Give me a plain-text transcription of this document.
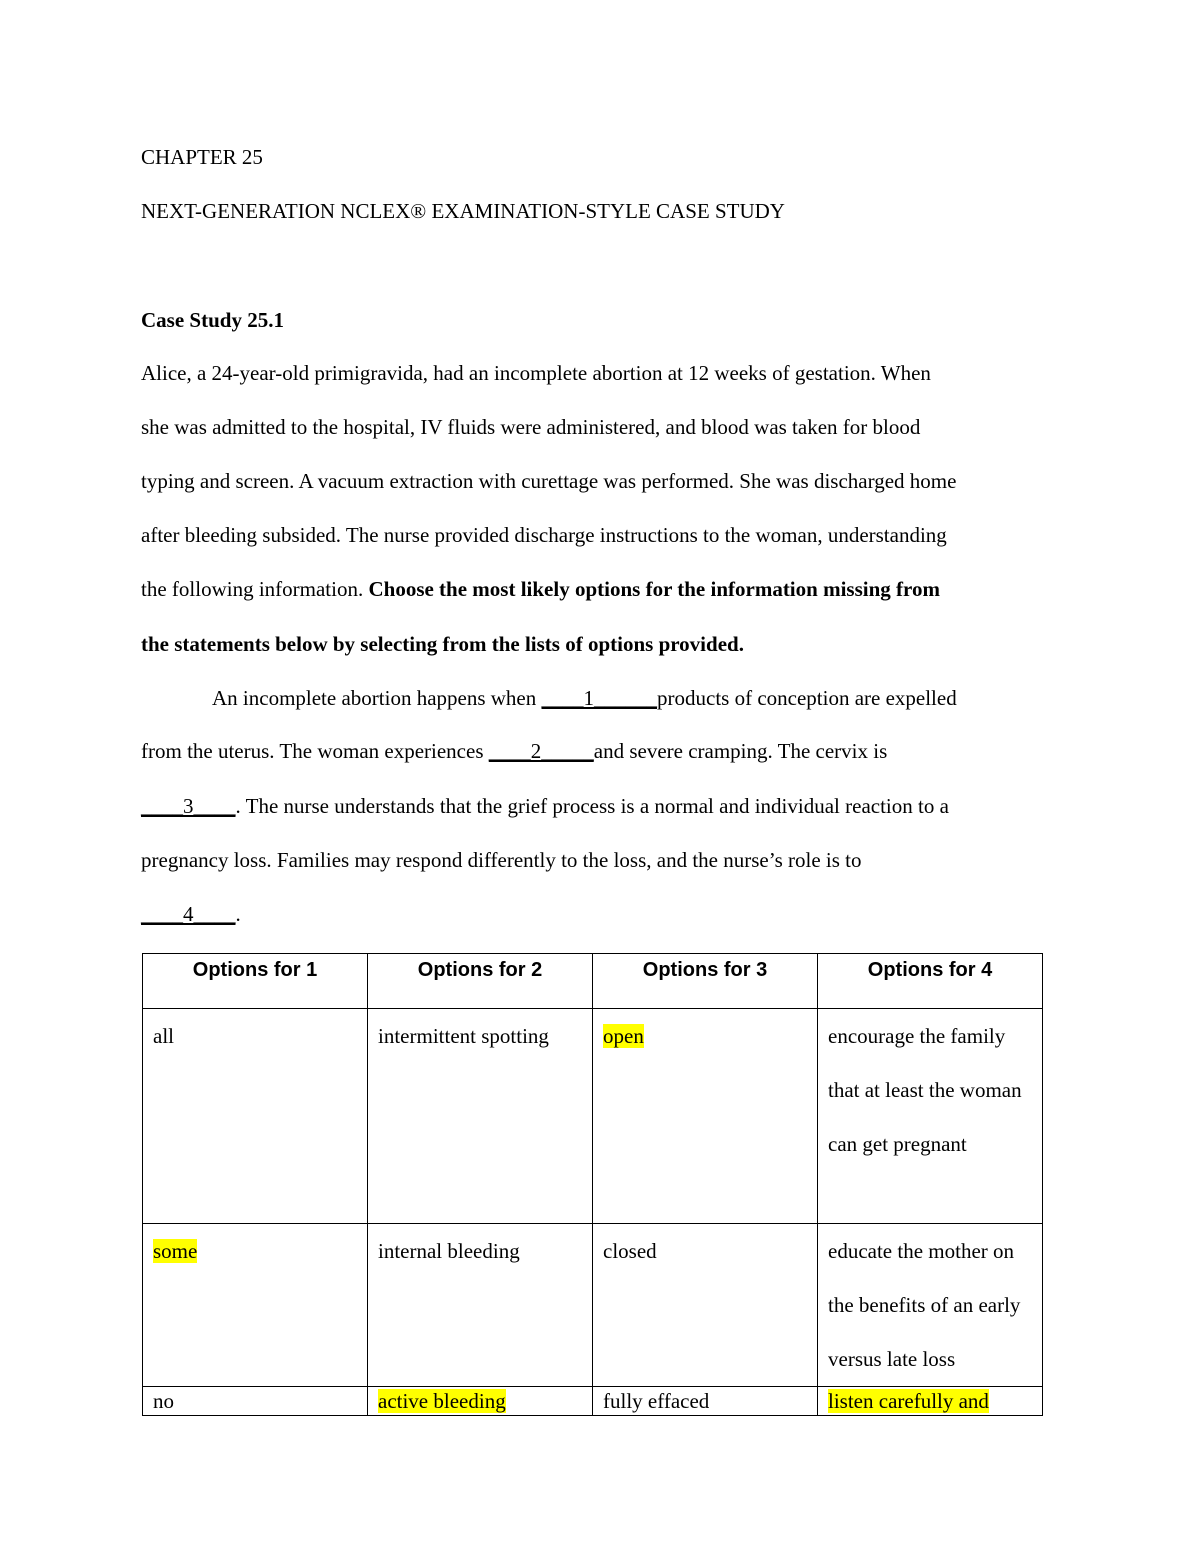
CHAPTER 25
NEXT-GENERATION NCLEX® EXAMINATION-STYLE CASE STUDY
Case Study 25.1
Alice, a 24-year-old primigravida, had an incomplete abortion at 12 weeks of gestation. When
she was admitted to the hospital, IV fluids were administered, and blood was taken for blood
typing and screen. A vacuum extraction with curettage was performed. She was discharged home
after bleeding subsided. The nurse provided discharge instructions to the woman, understanding
the following information. Choose the most likely options for the information missing from
the statements below by selecting from the lists of options provided.
An incomplete abortion happens when ____1______products of conception are expelled
from the uterus. The woman experiences ____2_____and severe cramping. The cervix is
____3____. The nurse understands that the grief process is a normal and individual reaction to a
pregnancy loss. Families may respond differently to the loss, and the nurse’s role is to
____4____.
Options for 1	Options for 2	Options for 3	Options for 4
all	intermittent spotting	open	encourage the family that at least the woman can get pregnant
some	internal bleeding	closed	educate the mother on the benefits of an early versus late loss
no	active bleeding	fully effaced	listen carefully and
